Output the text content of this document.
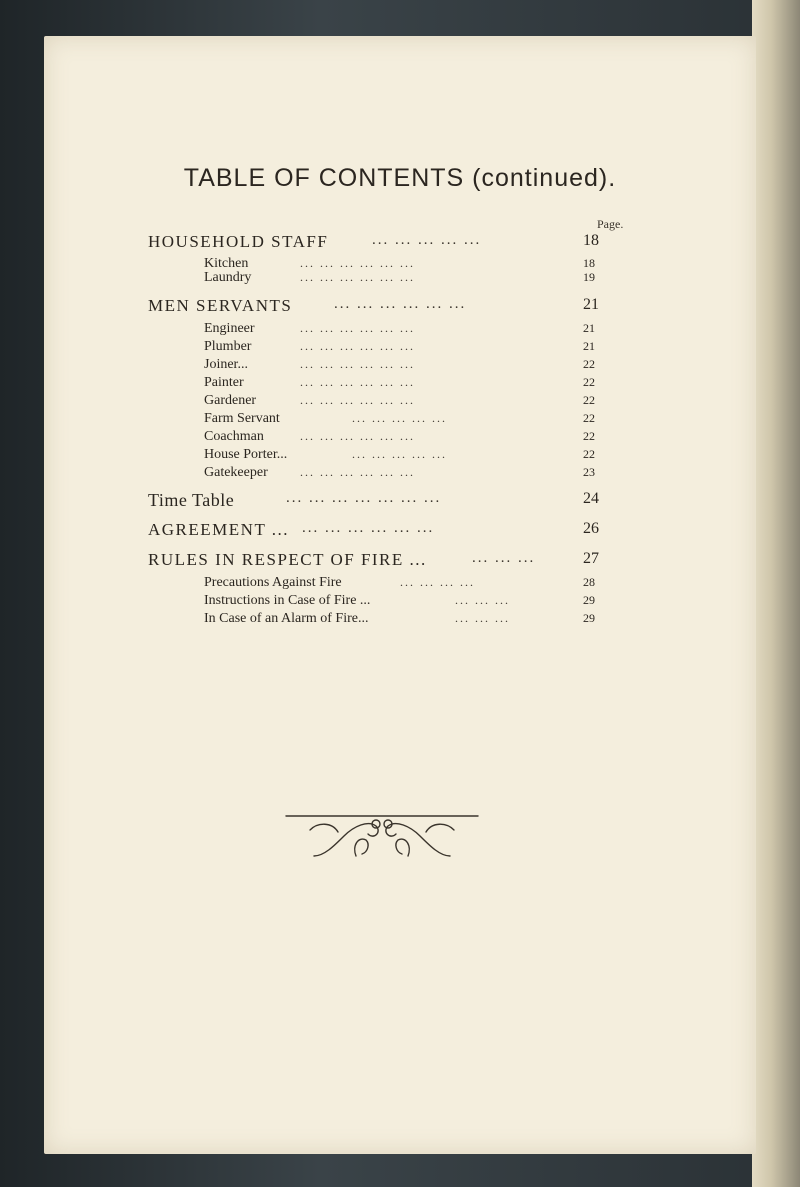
TABLE OF CONTENTS (continued).
Page.
HOUSEHOLD STAFF	... ... ... ... ...	18
Kitchen	... ... ... ... ... ...	18
Laundry	... ... ... ... ... ...	19
MEN SERVANTS	... ... ... ... ... ...	21
Engineer	... ... ... ... ... ...	21
Plumber	... ... ... ... ... ...	21
Joiner...	... ... ... ... ... ...	22
Painter	... ... ... ... ... ...	22
Gardener	... ... ... ... ... ...	22
Farm Servant	... ... ... ... ...	22
Coachman	... ... ... ... ... ...	22
House Porter...	... ... ... ... ...	22
Gatekeeper	... ... ... ... ... ...	23
Time Table	... ... ... ... ... ... ...	24
AGREEMENT ... ... ... ... ... ... ...	26
RULES IN RESPECT OF FIRE ...	... ... ...	27
Precautions Against Fire	... ... ... ...	28
Instructions in Case of Fire ...	... ... ...	29
In Case of an Alarm of Fire...	... ... ...	29
